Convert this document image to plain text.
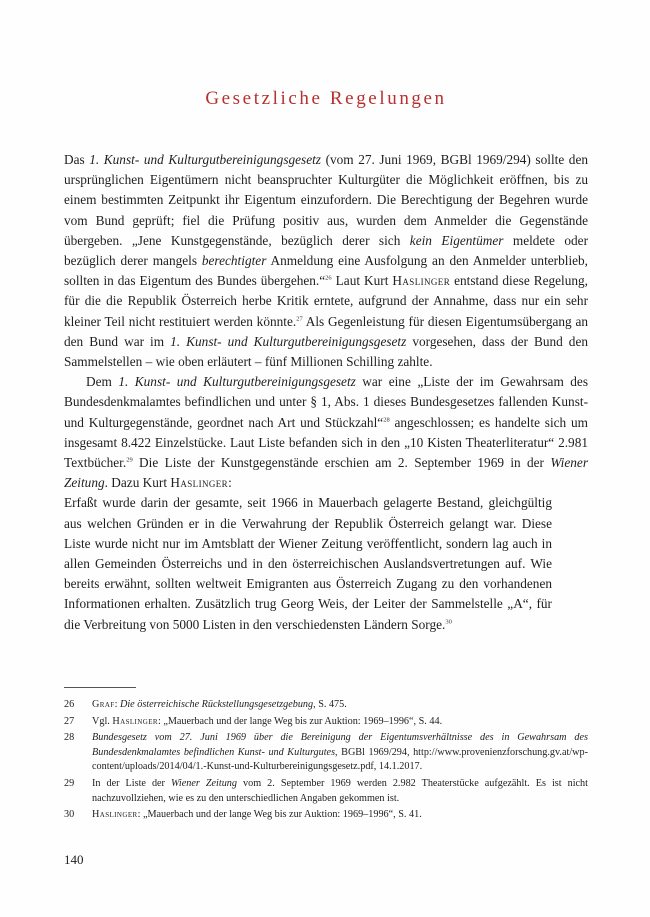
Gesetzliche Regelungen

Das 1. Kunst- und Kulturgutbereinigungsgesetz (vom 27. Juni 1969, BGBl 1969/294) sollte den ursprünglichen Eigentümern nicht beanspruchter Kulturgüter die Möglichkeit eröffnen, bis zu einem bestimmten Zeitpunkt ihr Eigentum einzufordern. Die Berechtigung der Begehren wurde vom Bund geprüft; fiel die Prüfung positiv aus, wurden dem Anmelder die Gegenstände übergeben. „Jene Kunstgegenstände, bezüglich derer sich kein Eigentümer meldete oder bezüglich derer mangels berechtigter Anmeldung eine Ausfolgung an den Anmelder unterblieb, sollten in das Eigentum des Bundes übergehen.“$^{26}$ Laut Kurt Haslinger entstand diese Regelung, für die die Republik Österreich herbe Kritik erntete, aufgrund der Annahme, dass nur ein sehr kleiner Teil nicht restituiert werden könnte.$^{27}$ Als Gegenleistung für diesen Eigentumsübergang an den Bund war im 1. Kunst- und Kulturgutbereinigungsgesetz vorgesehen, dass der Bund den Sammelstellen – wie oben erläutert – fünf Millionen Schilling zahlte.

Dem 1. Kunst- und Kulturgutbereinigungsgesetz war eine „Liste der im Gewahrsam des Bundesdenkmalamtes befindlichen und unter § 1, Abs. 1 dieses Bundesgesetzes fallenden Kunst- und Kulturgegenstände, geordnet nach Art und Stückzahl“$^{28}$ angeschlossen; es handelte sich um insgesamt 8.422 Einzelstücke. Laut Liste befanden sich in den „10 Kisten Theaterliteratur“ 2.981 Textbücher.$^{29}$ Die Liste der Kunstgegenstände erschien am 2. September 1969 in der Wiener Zeitung. Dazu Kurt Haslinger:

Erfaßt wurde darin der gesamte, seit 1966 in Mauerbach gelagerte Bestand, gleichgültig aus welchen Gründen er in die Verwahrung der Republik Österreich gelangt war. Diese Liste wurde nicht nur im Amtsblatt der Wiener Zeitung veröffentlicht, sondern lag auch in allen Gemeinden Österreichs und in den österreichischen Auslandsvertretungen auf. Wie bereits erwähnt, sollten weltweit Emigranten aus Österreich Zugang zu den vorhandenen Informationen erhalten. Zusätzlich trug Georg Weis, der Leiter der Sammelstelle „A“, für die Verbreitung von 5000 Listen in den verschiedensten Ländern Sorge.$^{30}$

26	Graf: Die österreichische Rückstellungsgesetzgebung, S. 475.
27	Vgl. Haslinger: „Mauerbach und der lange Weg bis zur Auktion: 1969–1996“, S. 44.
28	Bundesgesetz vom 27. Juni 1969 über die Bereinigung der Eigentumsverhältnisse des in Gewahrsam des Bundesdenkmalamtes befindlichen Kunst- und Kulturgutes, BGBl 1969/294, http://www.provenienzforschung.gv.at/wp-content/uploads/2014/04/1.-Kunst-und-Kulturbereinigungsgesetz.pdf, 14.1.2017.
29	In der Liste der Wiener Zeitung vom 2. September 1969 werden 2.982 Theaterstücke aufgezählt. Es ist nicht nachzuvollziehen, wie es zu den unterschiedlichen Angaben gekommen ist.
30	Haslinger: „Mauerbach und der lange Weg bis zur Auktion: 1969–1996“, S. 41.
140
